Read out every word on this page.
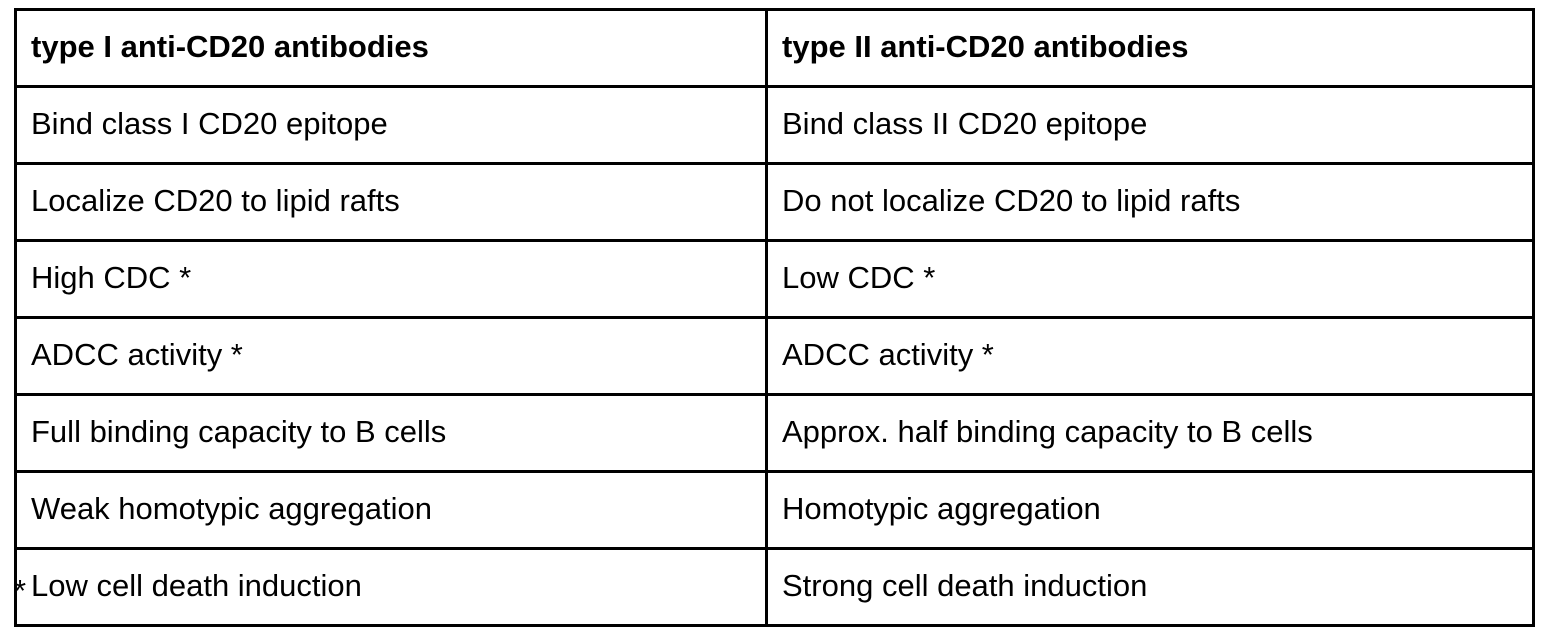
type I anti-CD20 antibodies	type II anti-CD20 antibodies
Bind class I CD20 epitope	Bind class II CD20 epitope
Localize CD20 to lipid rafts	Do not localize CD20 to lipid rafts
High CDC *	Low CDC *
ADCC activity *	ADCC activity *
Full binding capacity to B cells	Approx. half binding capacity to B cells
Weak homotypic aggregation	Homotypic aggregation
Low cell death induction	Strong cell death induction
*
